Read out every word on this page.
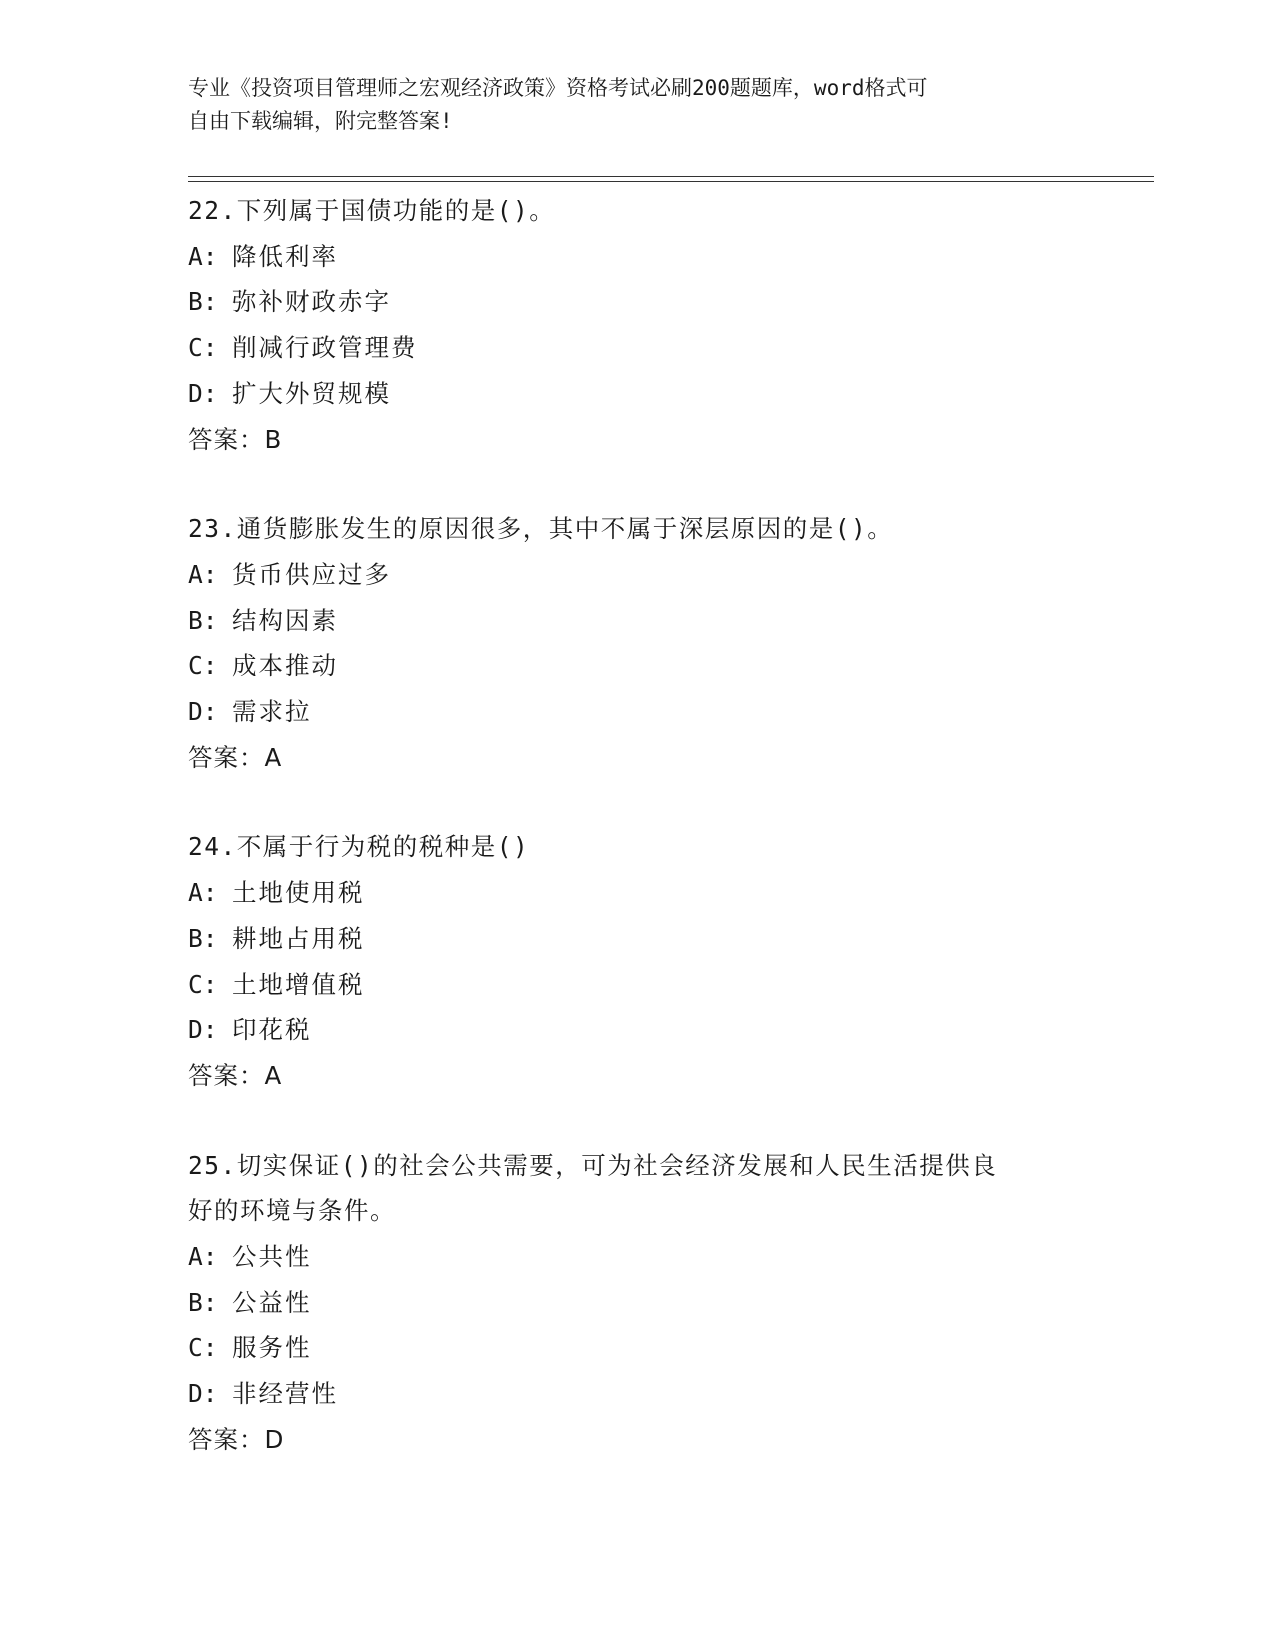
专业《投资项目管理师之宏观经济政策》资格考试必刷200题题库，word格式可
自由下载编辑，附完整答案!
22.下列属于国债功能的是()。
A: 降低利率
B: 弥补财政赤字
C: 削减行政管理费
D: 扩大外贸规模
答案：B
23.通货膨胀发生的原因很多，其中不属于深层原因的是()。
A: 货币供应过多
B: 结构因素
C: 成本推动
D: 需求拉
答案：A
24.不属于行为税的税种是()
A: 土地使用税
B: 耕地占用税
C: 土地增值税
D: 印花税
答案：A
25.切实保证()的社会公共需要，可为社会经济发展和人民生活提供良
好的环境与条件。
A: 公共性
B: 公益性
C: 服务性
D: 非经营性
答案：D
